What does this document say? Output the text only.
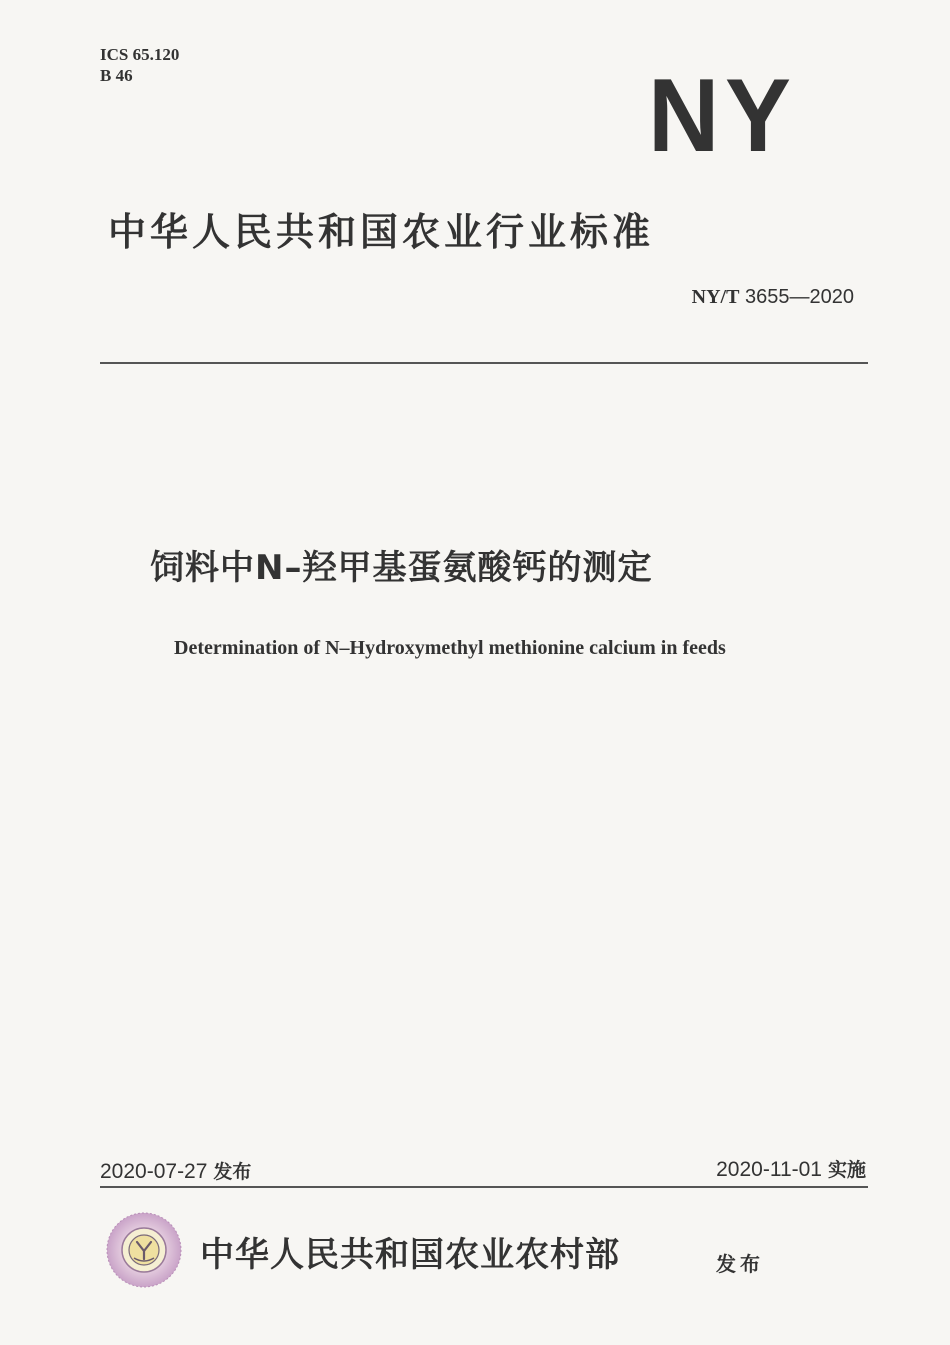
ICS 65.120
B 46	NY
中华人民共和国农业行业标准
NY/T 3655—2020
饲料中N–羟甲基蛋氨酸钙的测定
Determination of N–Hydroxymethyl methionine calcium in feeds
2020-07-27 发布	2020-11-01 实施
中华人民共和国农业农村部	发布
